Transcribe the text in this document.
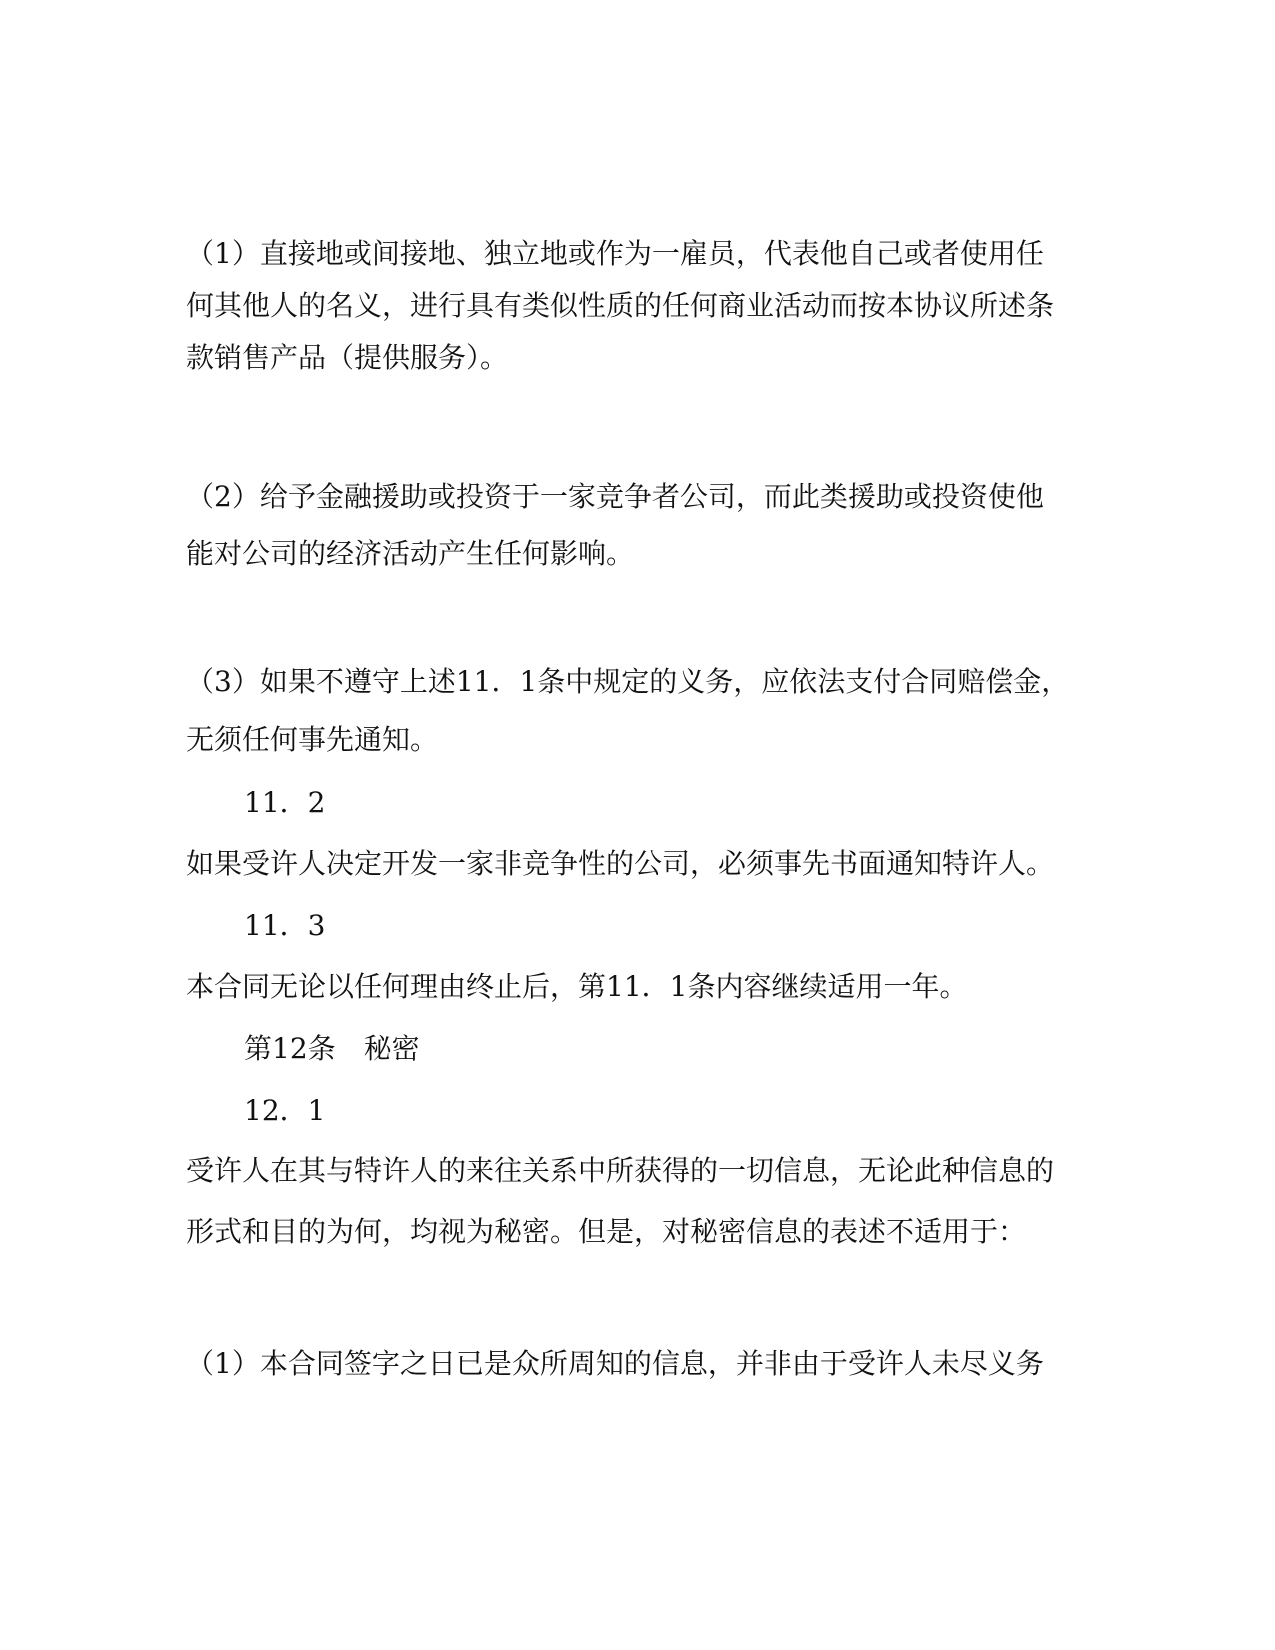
（1）直接地或间接地、独立地或作为一雇员，代表他自己或者使用任

何其他人的名义，进行具有类似性质的任何商业活动而按本协议所述条

款销售产品（提供服务）。

（2）给予金融援助或投资于一家竞争者公司，而此类援助或投资使他

能对公司的经济活动产生任何影响。

（3）如果不遵守上述11．1条中规定的义务，应依法支付合同赔偿金，

无须任何事先通知。

11．2

如果受许人决定开发一家非竞争性的公司，必须事先书面通知特许人。

11．3

本合同无论以任何理由终止后，第11．1条内容继续适用一年。

第12条　秘密

12．1

受许人在其与特许人的来往关系中所获得的一切信息，无论此种信息的

形式和目的为何，均视为秘密。但是，对秘密信息的表述不适用于：

（1）本合同签字之日已是众所周知的信息，并非由于受许人未尽义务
